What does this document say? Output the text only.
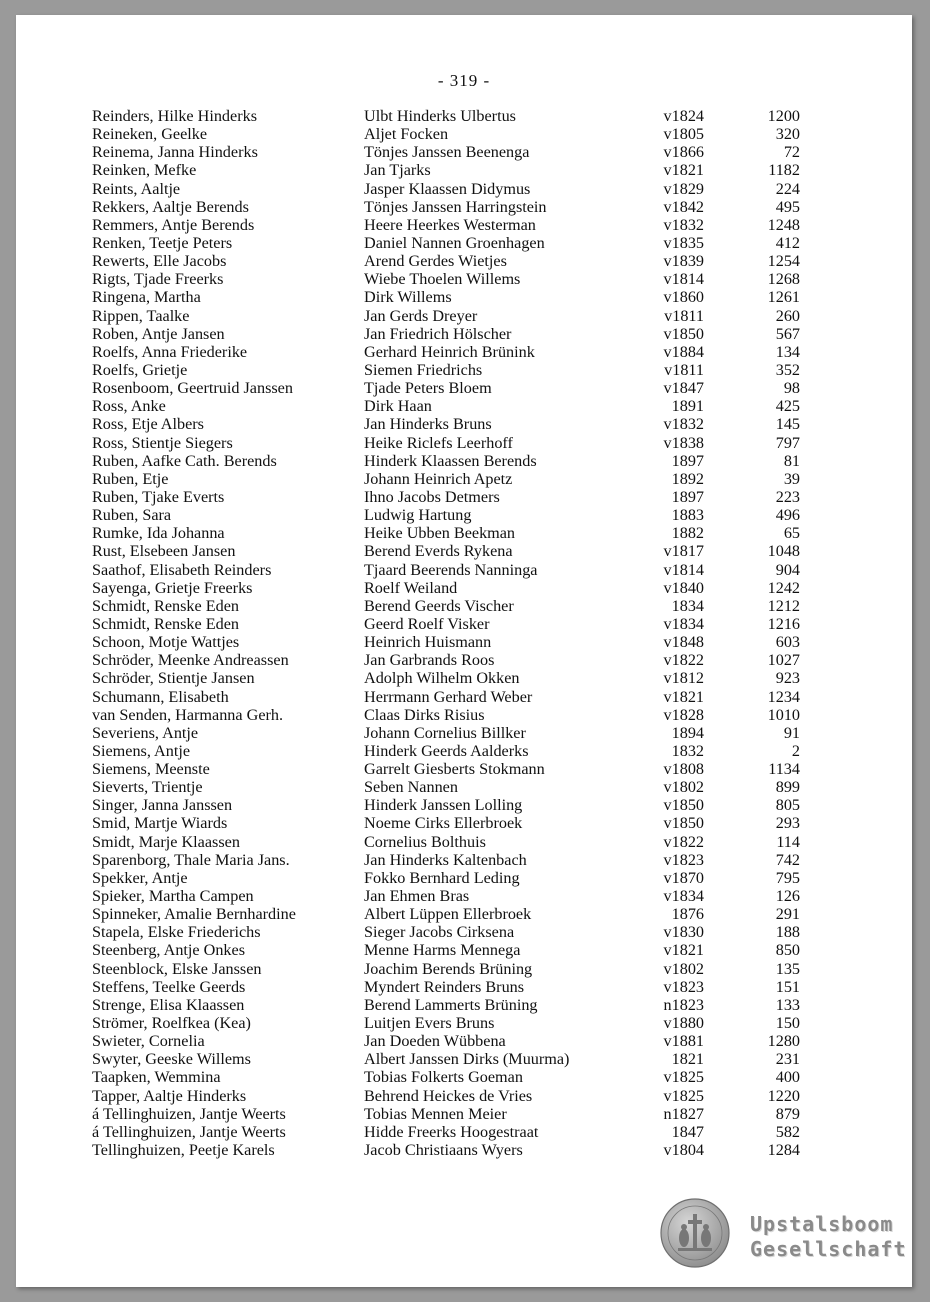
- 319 -
Reinders, Hilke Hinderks	Ulbt Hinderks Ulbertus	v1824	1200
Reineken, Geelke	Aljet Focken	v1805	320
Reinema, Janna Hinderks	Tönjes Janssen Beenenga	v1866	72
Reinken, Mefke	Jan Tjarks	v1821	1182
Reints, Aaltje	Jasper Klaassen Didymus	v1829	224
Rekkers, Aaltje Berends	Tönjes Janssen Harringstein	v1842	495
Remmers, Antje Berends	Heere Heerkes Westerman	v1832	1248
Renken, Teetje Peters	Daniel Nannen Groenhagen	v1835	412
Rewerts, Elle Jacobs	Arend Gerdes Wietjes	v1839	1254
Rigts, Tjade Freerks	Wiebe Thoelen Willems	v1814	1268
Ringena, Martha	Dirk Willems	v1860	1261
Rippen, Taalke	Jan Gerds Dreyer	v1811	260
Roben, Antje Jansen	Jan Friedrich Hölscher	v1850	567
Roelfs, Anna Friederike	Gerhard Heinrich Brünink	v1884	134
Roelfs, Grietje	Siemen Friedrichs	v1811	352
Rosenboom, Geertruid Janssen	Tjade Peters Bloem	v1847	98
Ross, Anke	Dirk Haan	1891	425
Ross, Etje Albers	Jan Hinderks Bruns	v1832	145
Ross, Stientje Siegers	Heike Riclefs Leerhoff	v1838	797
Ruben, Aafke Cath. Berends	Hinderk Klaassen Berends	1897	81
Ruben, Etje	Johann Heinrich Apetz	1892	39
Ruben, Tjake Everts	Ihno Jacobs Detmers	1897	223
Ruben, Sara	Ludwig Hartung	1883	496
Rumke, Ida Johanna	Heike Ubben Beekman	1882	65
Rust, Elsebeen Jansen	Berend Everds Rykena	v1817	1048
Saathof, Elisabeth Reinders	Tjaard Beerends Nanninga	v1814	904
Sayenga, Grietje Freerks	Roelf Weiland	v1840	1242
Schmidt, Renske Eden	Berend Geerds Vischer	1834	1212
Schmidt, Renske Eden	Geerd Roelf Visker	v1834	1216
Schoon, Motje Wattjes	Heinrich Huismann	v1848	603
Schröder, Meenke Andreassen	Jan Garbrands Roos	v1822	1027
Schröder, Stientje Jansen	Adolph Wilhelm Okken	v1812	923
Schumann, Elisabeth	Herrmann Gerhard Weber	v1821	1234
van Senden, Harmanna Gerh.	Claas Dirks Risius	v1828	1010
Severiens, Antje	Johann Cornelius Billker	1894	91
Siemens, Antje	Hinderk Geerds Aalderks	1832	2
Siemens, Meenste	Garrelt Giesberts Stokmann	v1808	1134
Sieverts, Trientje	Seben Nannen	v1802	899
Singer, Janna Janssen	Hinderk Janssen Lolling	v1850	805
Smid, Martje Wiards	Noeme Cirks Ellerbroek	v1850	293
Smidt, Marje Klaassen	Cornelius Bolthuis	v1822	114
Sparenborg, Thale Maria Jans.	Jan Hinderks Kaltenbach	v1823	742
Spekker, Antje	Fokko Bernhard Leding	v1870	795
Spieker, Martha Campen	Jan Ehmen Bras	v1834	126
Spinneker, Amalie Bernhardine	Albert Lüppen Ellerbroek	1876	291
Stapela, Elske Friederichs	Sieger Jacobs Cirksena	v1830	188
Steenberg, Antje Onkes	Menne Harms Mennega	v1821	850
Steenblock, Elske Janssen	Joachim Berends Brüning	v1802	135
Steffens, Teelke Geerds	Myndert Reinders Bruns	v1823	151
Strenge, Elisa Klaassen	Berend Lammerts Brüning	n1823	133
Strömer, Roelfkea (Kea)	Luitjen Evers Bruns	v1880	150
Swieter, Cornelia	Jan Doeden Wübbena	v1881	1280
Swyter, Geeske Willems	Albert Janssen Dirks (Muurma)	1821	231
Taapken, Wemmina	Tobias Folkerts Goeman	v1825	400
Tapper, Aaltje Hinderks	Behrend Heickes de Vries	v1825	1220
á Tellinghuizen, Jantje Weerts	Tobias Mennen Meier	n1827	879
á Tellinghuizen, Jantje Weerts	Hidde Freerks Hoogestraat	1847	582
Tellinghuizen, Peetje Karels	Jacob Christiaans Wyers	v1804	1284
Upstalsboom
Gesellschaft
